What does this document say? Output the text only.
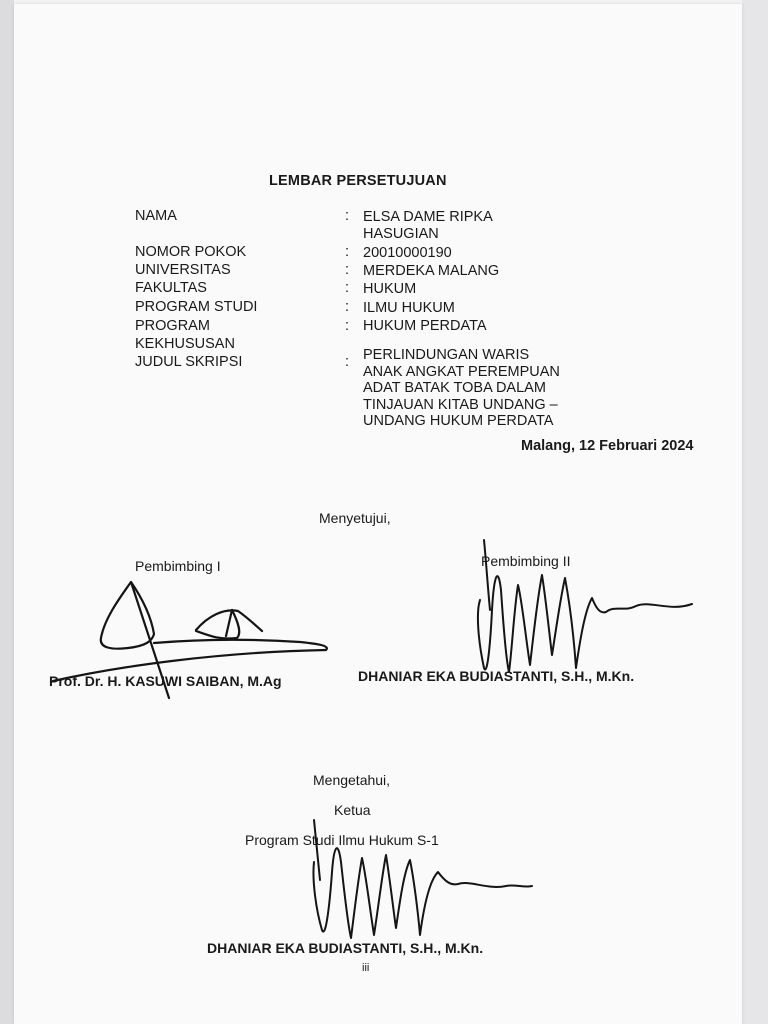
LEMBAR PERSETUJUAN
NAMA
NOMOR POKOK
UNIVERSITAS
FAKULTAS
PROGRAM STUDI
PROGRAM
KEKHUSUSAN
JUDUL SKRIPSI
:
:
:
:
:
:
:
ELSA DAME RIPKA
HASUGIAN
20010000190
MERDEKA MALANG
HUKUM
ILMU HUKUM
HUKUM PERDATA
PERLINDUNGAN WARIS
ANAK ANGKAT PEREMPUAN
ADAT BATAK TOBA DALAM
TINJAUAN KITAB UNDANG –
UNDANG HUKUM PERDATA
Malang, 12 Februari 2024
Menyetujui,
Pembimbing I	Pembimbing II
Prof. Dr. H. KASUWI SAIBAN, M.Ag	DHANIAR EKA BUDIASTANTI, S.H., M.Kn.
Mengetahui,
Ketua
Program Studi Ilmu Hukum S-1
DHANIAR EKA BUDIASTANTI, S.H., M.Kn.
iii
